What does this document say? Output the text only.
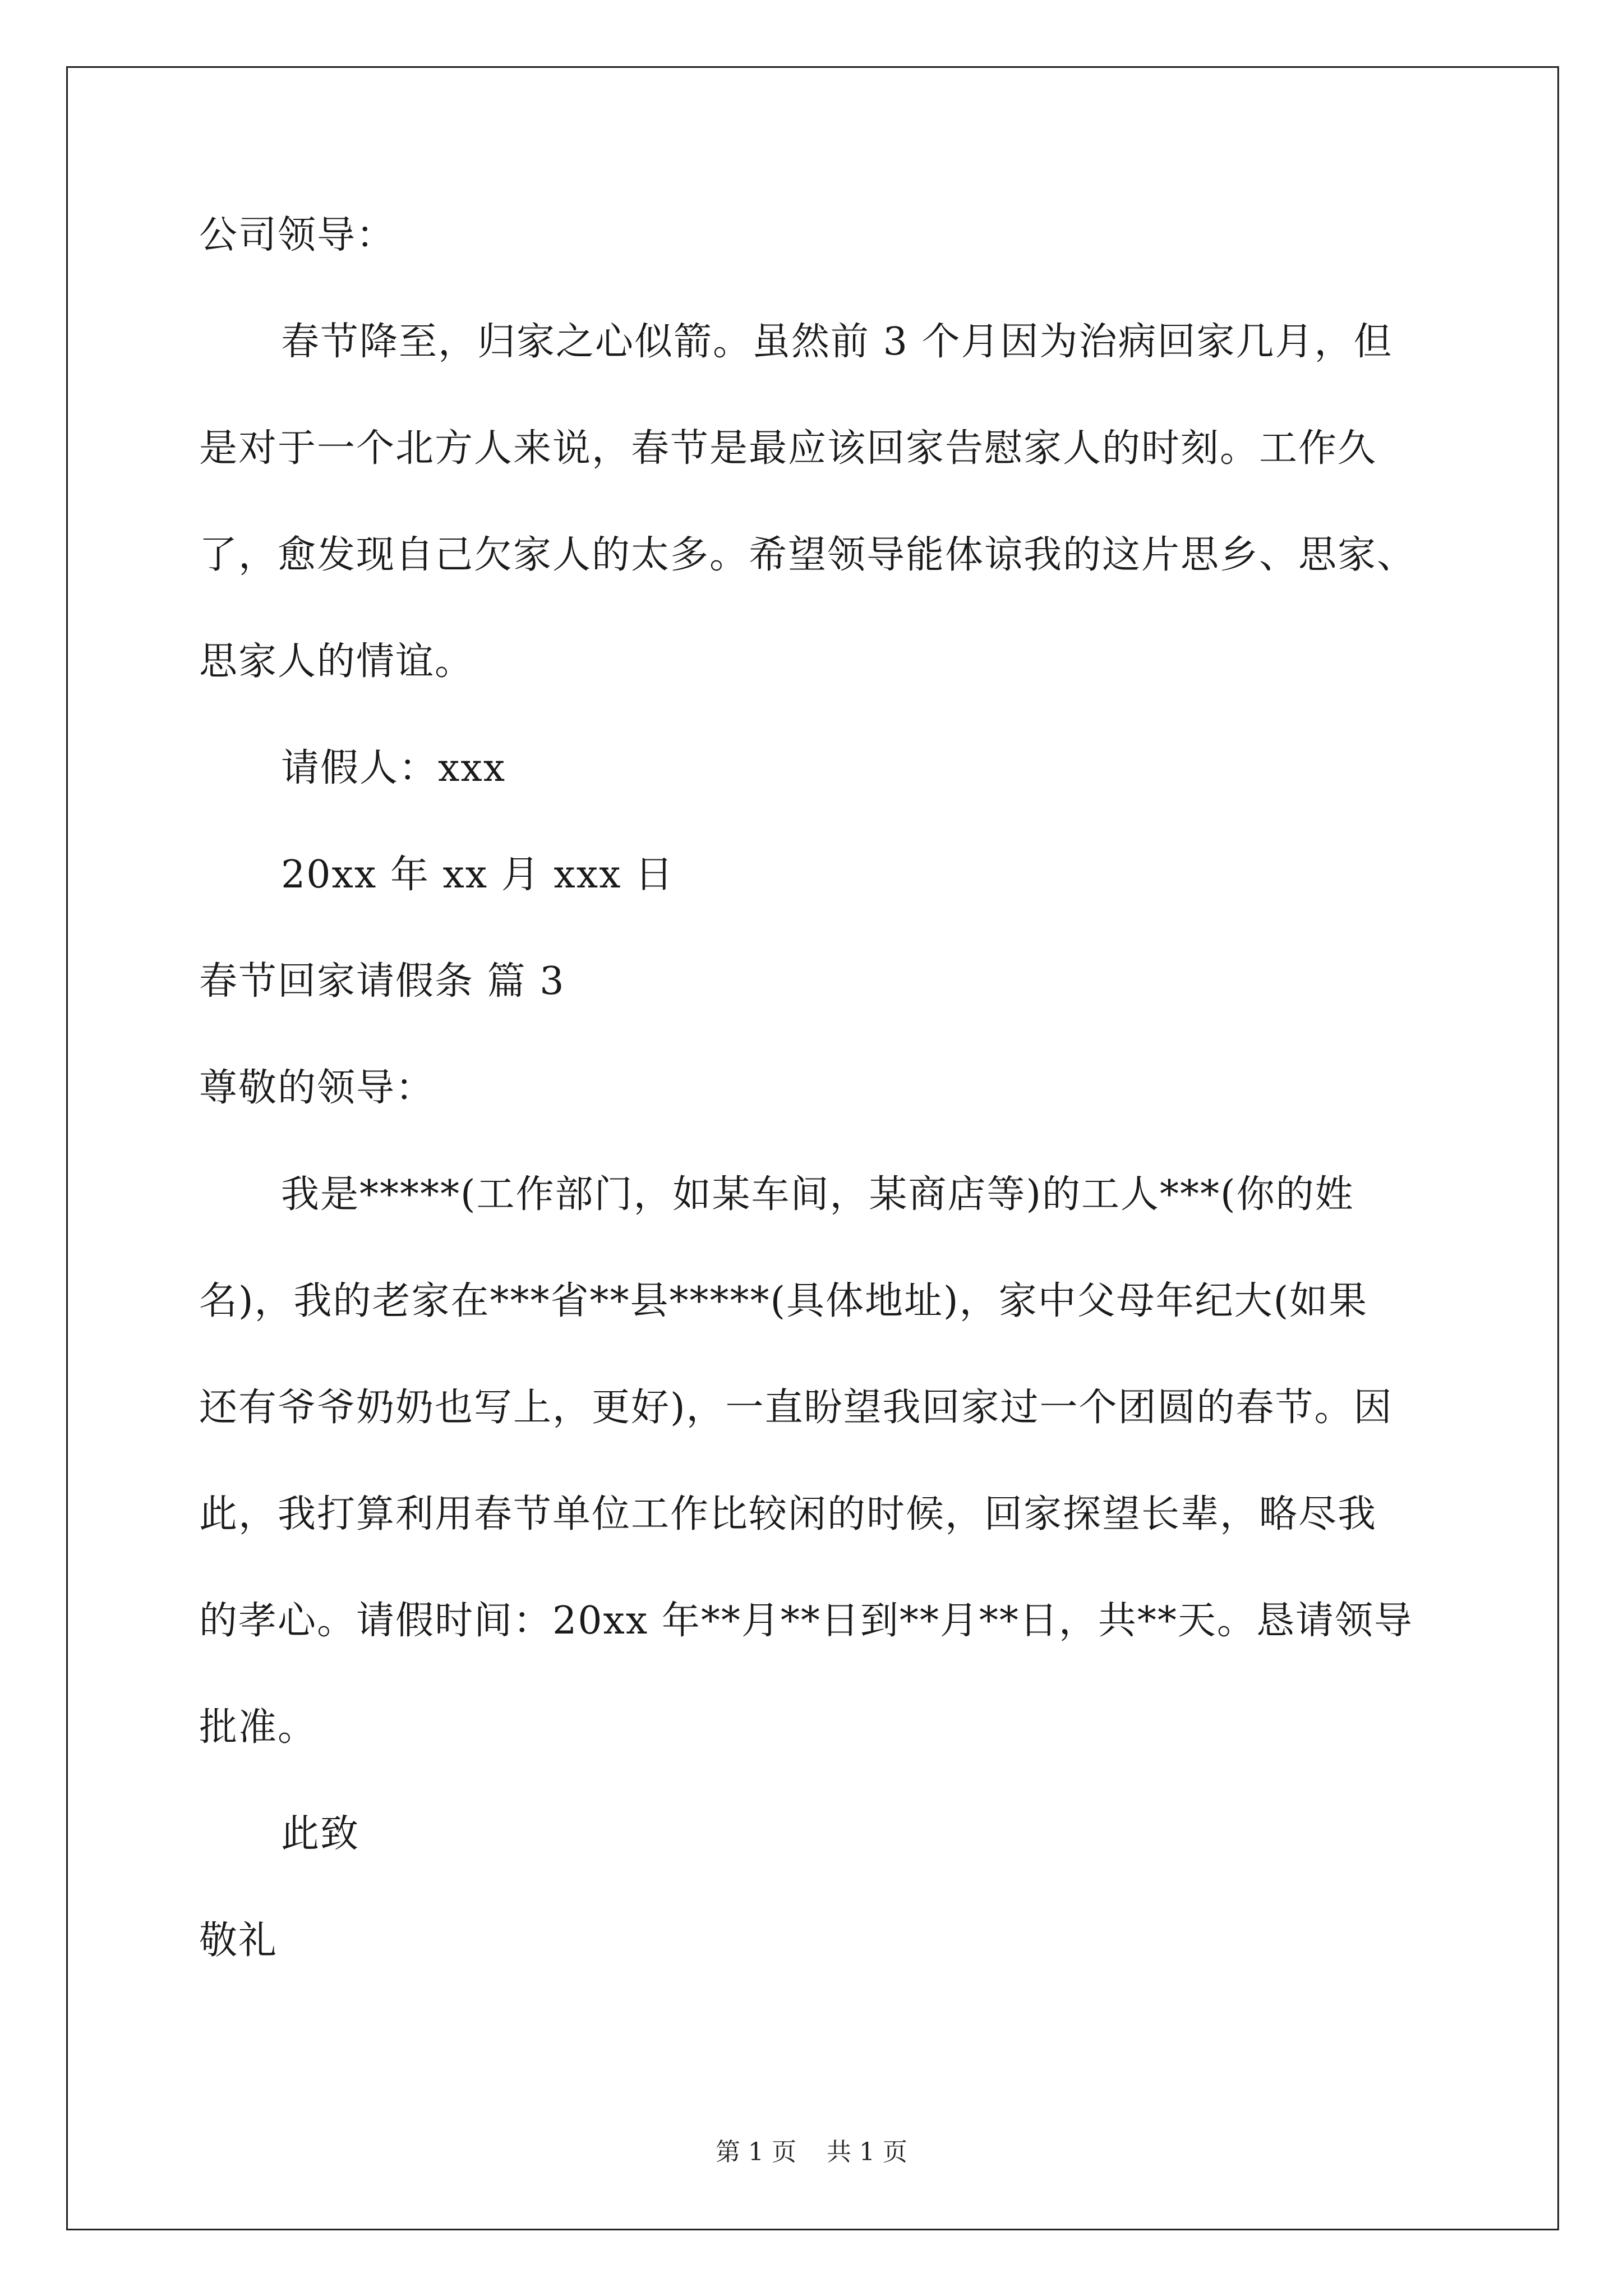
公司领导：
春节降至，归家之心似箭。虽然前 3 个月因为治病回家几月，但
是对于一个北方人来说，春节是最应该回家告慰家人的时刻。工作久
了，愈发现自己欠家人的太多。希望领导能体谅我的这片思乡、思家、
思家人的情谊。
请假人：xxx
20xx 年 xx 月 xxx 日
春节回家请假条 篇 3
尊敬的领导：
我是*****(工作部门，如某车间，某商店等)的工人***(你的姓
名)，我的老家在***省**县*****(具体地址)，家中父母年纪大(如果
还有爷爷奶奶也写上，更好)，一直盼望我回家过一个团圆的春节。因
此，我打算利用春节单位工作比较闲的时候，回家探望长辈，略尽我
的孝心。请假时间：20xx 年**月**日到**月**日，共**天。恳请领导
批准。
此致
敬礼
第 1 页 共 1 页
